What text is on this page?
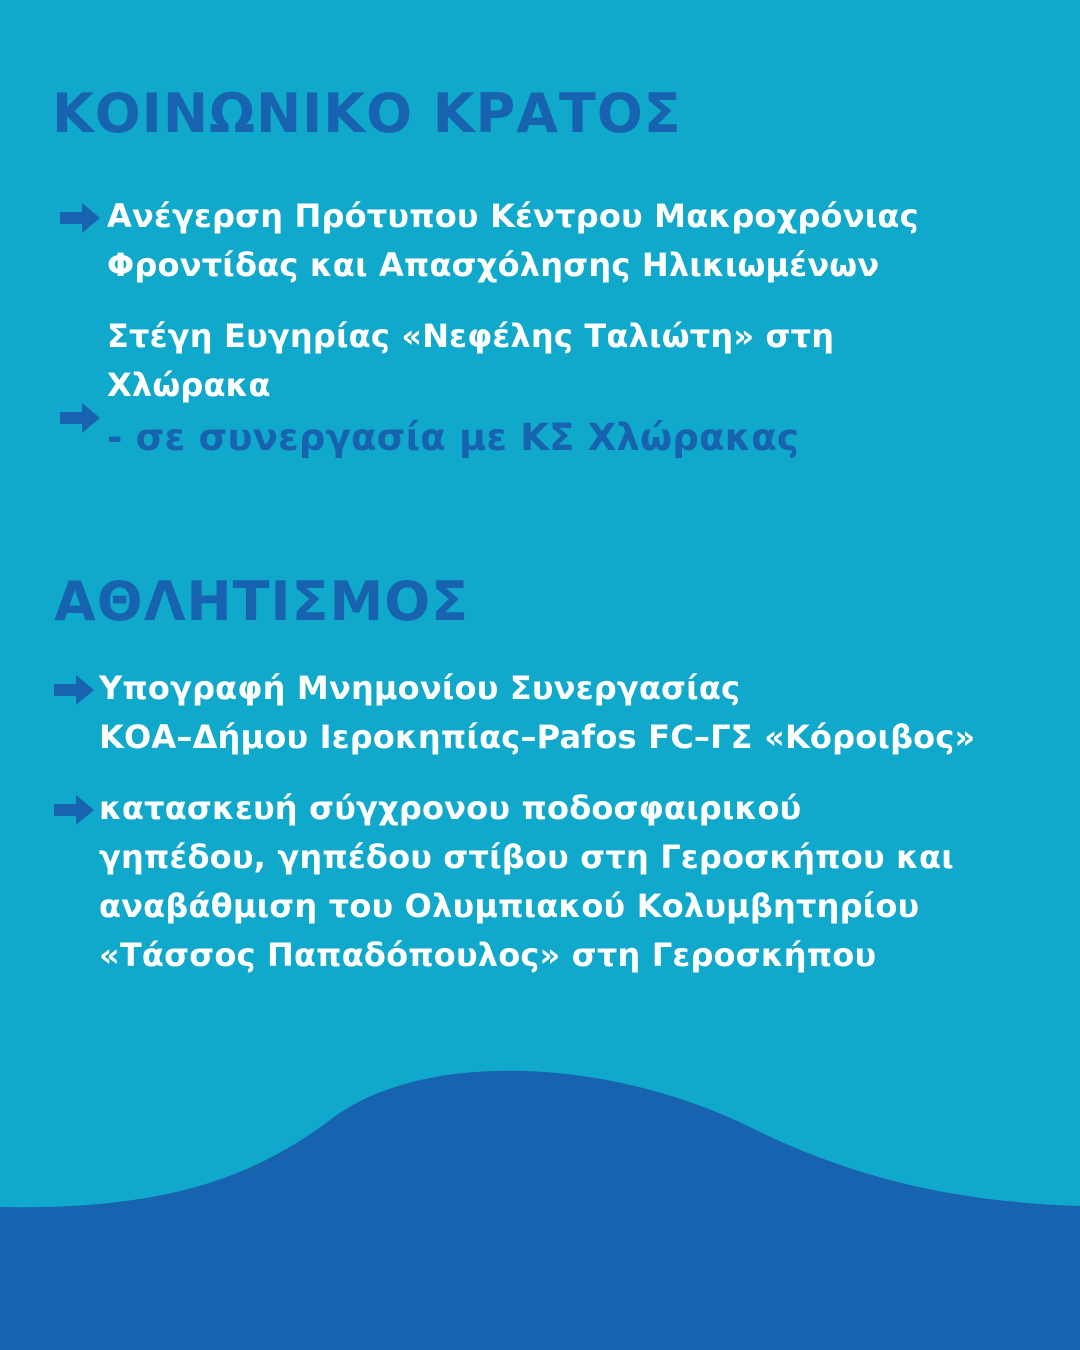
ΚΟΙΝΩΝΙΚΟ ΚΡΑΤΟΣ
Ανέγερση Πρότυπου Κέντρου Μακροχρόνιας
Φροντίδας και Απασχόλησης Ηλικιωμένων
Στέγη Ευγηρίας «Νεφέλης Ταλιώτη» στη
Χλώρακα
- σε συνεργασία με ΚΣ Χλώρακας
ΑΘΛΗΤΙΣΜΟΣ
Υπογραφή Μνημονίου Συνεργασίας
ΚΟΑ–Δήμου Ιεροκηπίας–Pafos FC–ΓΣ «Κόροιβος»
κατασκευή σύγχρονου ποδοσφαιρικού
γηπέδου, γηπέδου στίβου στη Γεροσκήπου και
αναβάθμιση του Ολυμπιακού Κολυμβητηρίου
«Τάσσος Παπαδόπουλος» στη Γεροσκήπου
